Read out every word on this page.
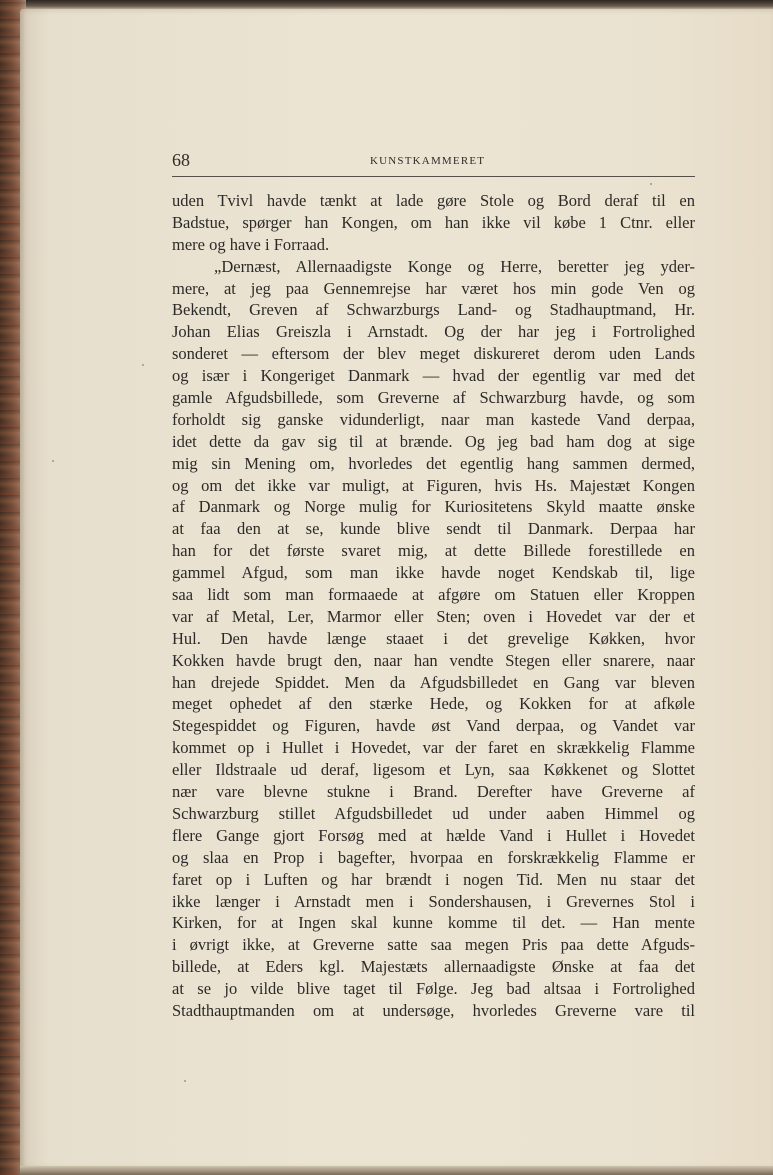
68	KUNSTKAMMERET
uden Tvivl havde tænkt at lade gøre Stole og Bord deraf til en
Badstue, spørger han Kongen, om han ikke vil købe 1 Ctnr. eller
mere og have i Forraad.
„Dernæst, Allernaadigste Konge og Herre, beretter jeg yder-
mere, at jeg paa Gennemrejse har været hos min gode Ven og
Bekendt, Greven af Schwarzburgs Land- og Stadhauptmand, Hr.
Johan Elias Greiszla i Arnstadt. Og der har jeg i Fortrolighed
sonderet — eftersom der blev meget diskureret derom uden Lands
og især i Kongeriget Danmark — hvad der egentlig var med det
gamle Afgudsbillede, som Greverne af Schwarzburg havde, og som
forholdt sig ganske vidunderligt, naar man kastede Vand derpaa,
idet dette da gav sig til at brænde. Og jeg bad ham dog at sige
mig sin Mening om, hvorledes det egentlig hang sammen dermed,
og om det ikke var muligt, at Figuren, hvis Hs. Majestæt Kongen
af Danmark og Norge mulig for Kuriositetens Skyld maatte ønske
at faa den at se, kunde blive sendt til Danmark. Derpaa har
han for det første svaret mig, at dette Billede forestillede en
gammel Afgud, som man ikke havde noget Kendskab til, lige
saa lidt som man formaaede at afgøre om Statuen eller Kroppen
var af Metal, Ler, Marmor eller Sten; oven i Hovedet var der et
Hul. Den havde længe staaet i det grevelige Køkken, hvor
Kokken havde brugt den, naar han vendte Stegen eller snarere, naar
han drejede Spiddet. Men da Afgudsbilledet en Gang var bleven
meget ophedet af den stærke Hede, og Kokken for at afkøle
Stegespiddet og Figuren, havde øst Vand derpaa, og Vandet var
kommet op i Hullet i Hovedet, var der faret en skrækkelig Flamme
eller Ildstraale ud deraf, ligesom et Lyn, saa Køkkenet og Slottet
nær vare blevne stukne i Brand. Derefter have Greverne af
Schwarzburg stillet Afgudsbilledet ud under aaben Himmel og
flere Gange gjort Forsøg med at hælde Vand i Hullet i Hovedet
og slaa en Prop i bagefter, hvorpaa en forskrækkelig Flamme er
faret op i Luften og har brændt i nogen Tid. Men nu staar det
ikke længer i Arnstadt men i Sondershausen, i Grevernes Stol i
Kirken, for at Ingen skal kunne komme til det. — Han mente
i øvrigt ikke, at Greverne satte saa megen Pris paa dette Afguds-
billede, at Eders kgl. Majestæts allernaadigste Ønske at faa det
at se jo vilde blive taget til Følge. Jeg bad altsaa i Fortrolighed
Stadthauptmanden om at undersøge, hvorledes Greverne vare til
